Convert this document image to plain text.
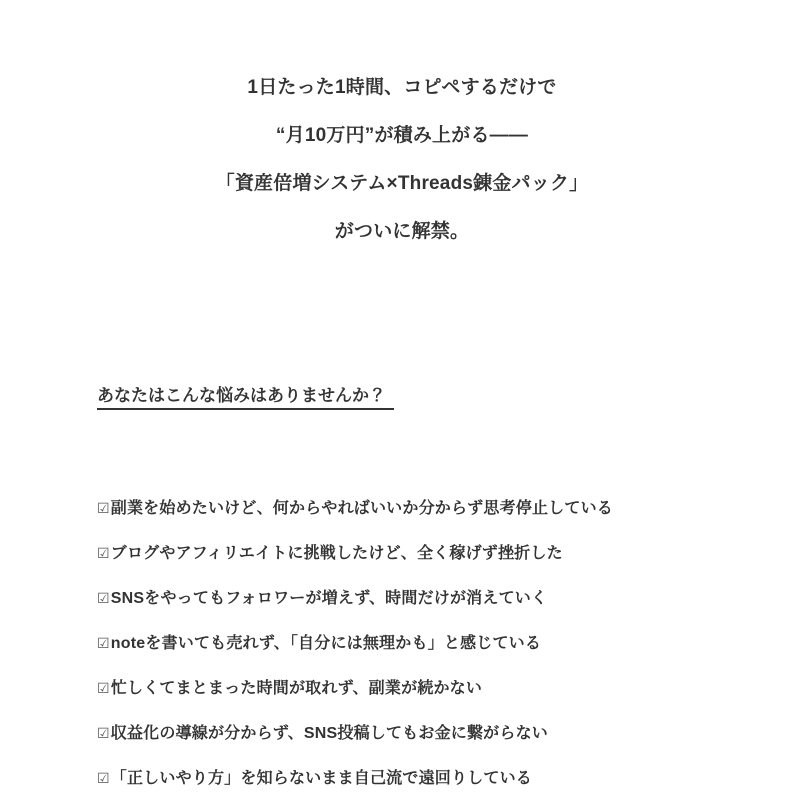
1日たった1時間、コピペするだけで

“月10万円”が積み上がる——

「資産倍増システム×Threads錬金パック」

がついに解禁。

あなたはこんな悩みはありませんか？

☑副業を始めたいけど、何からやればいいか分からず思考停止している

☑ブログやアフィリエイトに挑戦したけど、全く稼げず挫折した

☑SNSをやってもフォロワーが増えず、時間だけが消えていく

☑noteを書いても売れず、「自分には無理かも」と感じている

☑忙しくてまとまった時間が取れず、副業が続かない

☑収益化の導線が分からず、SNS投稿してもお金に繋がらない

☑「正しいやり方」を知らないまま自己流で遠回りしている
